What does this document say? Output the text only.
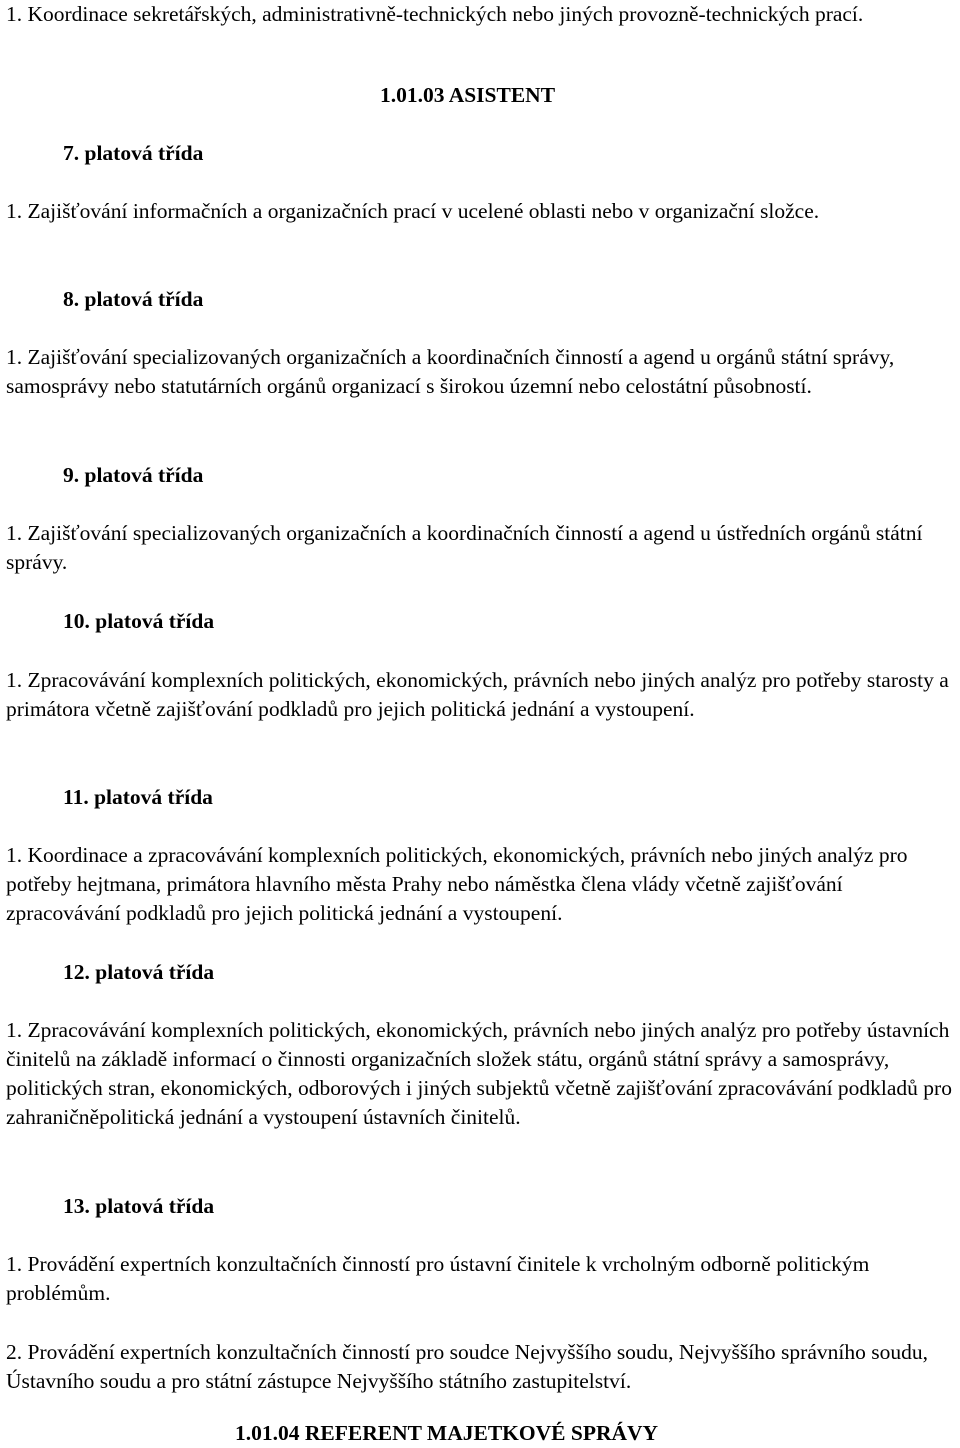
1. Koordinace sekretářských, administrativně-technických nebo jiných provozně-technických prací.

1.01.03 ASISTENT
7. platová třída

1. Zajišťování informačních a organizačních prací v ucelené oblasti nebo v organizační složce.

8. platová třída

1. Zajišťování specializovaných organizačních a koordinačních činností a agend u orgánů státní správy, samosprávy nebo statutárních orgánů organizací s širokou územní nebo celostátní působností.

9. platová třída

1. Zajišťování specializovaných organizačních a koordinačních činností a agend u ústředních orgánů státní správy.

10. platová třída

1. Zpracovávání komplexních politických, ekonomických, právních nebo jiných analýz pro potřeby starosty a primátora včetně zajišťování podkladů pro jejich politická jednání a vystoupení.

11. platová třída

1. Koordinace a zpracovávání komplexních politických, ekonomických, právních nebo jiných analýz pro potřeby hejtmana, primátora hlavního města Prahy nebo náměstka člena vlády včetně zajišťování zpracovávání podkladů pro jejich politická jednání a vystoupení.

12. platová třída

1. Zpracovávání komplexních politických, ekonomických, právních nebo jiných analýz pro potřeby ústavních činitelů na základě informací o činnosti organizačních složek státu, orgánů státní správy a samosprávy, politických stran, ekonomických, odborových i jiných subjektů včetně zajišťování zpracovávání podkladů pro zahraničněpolitická jednání a vystoupení ústavních činitelů.

13. platová třída

1. Provádění expertních konzultačních činností pro ústavní činitele k vrcholným odborně politickým problémům.

2. Provádění expertních konzultačních činností pro soudce Nejvyššího soudu, Nejvyššího správního soudu, Ústavního soudu a pro státní zástupce Nejvyššího státního zastupitelství.

1.01.04 REFERENT MAJETKOVÉ SPRÁVY
